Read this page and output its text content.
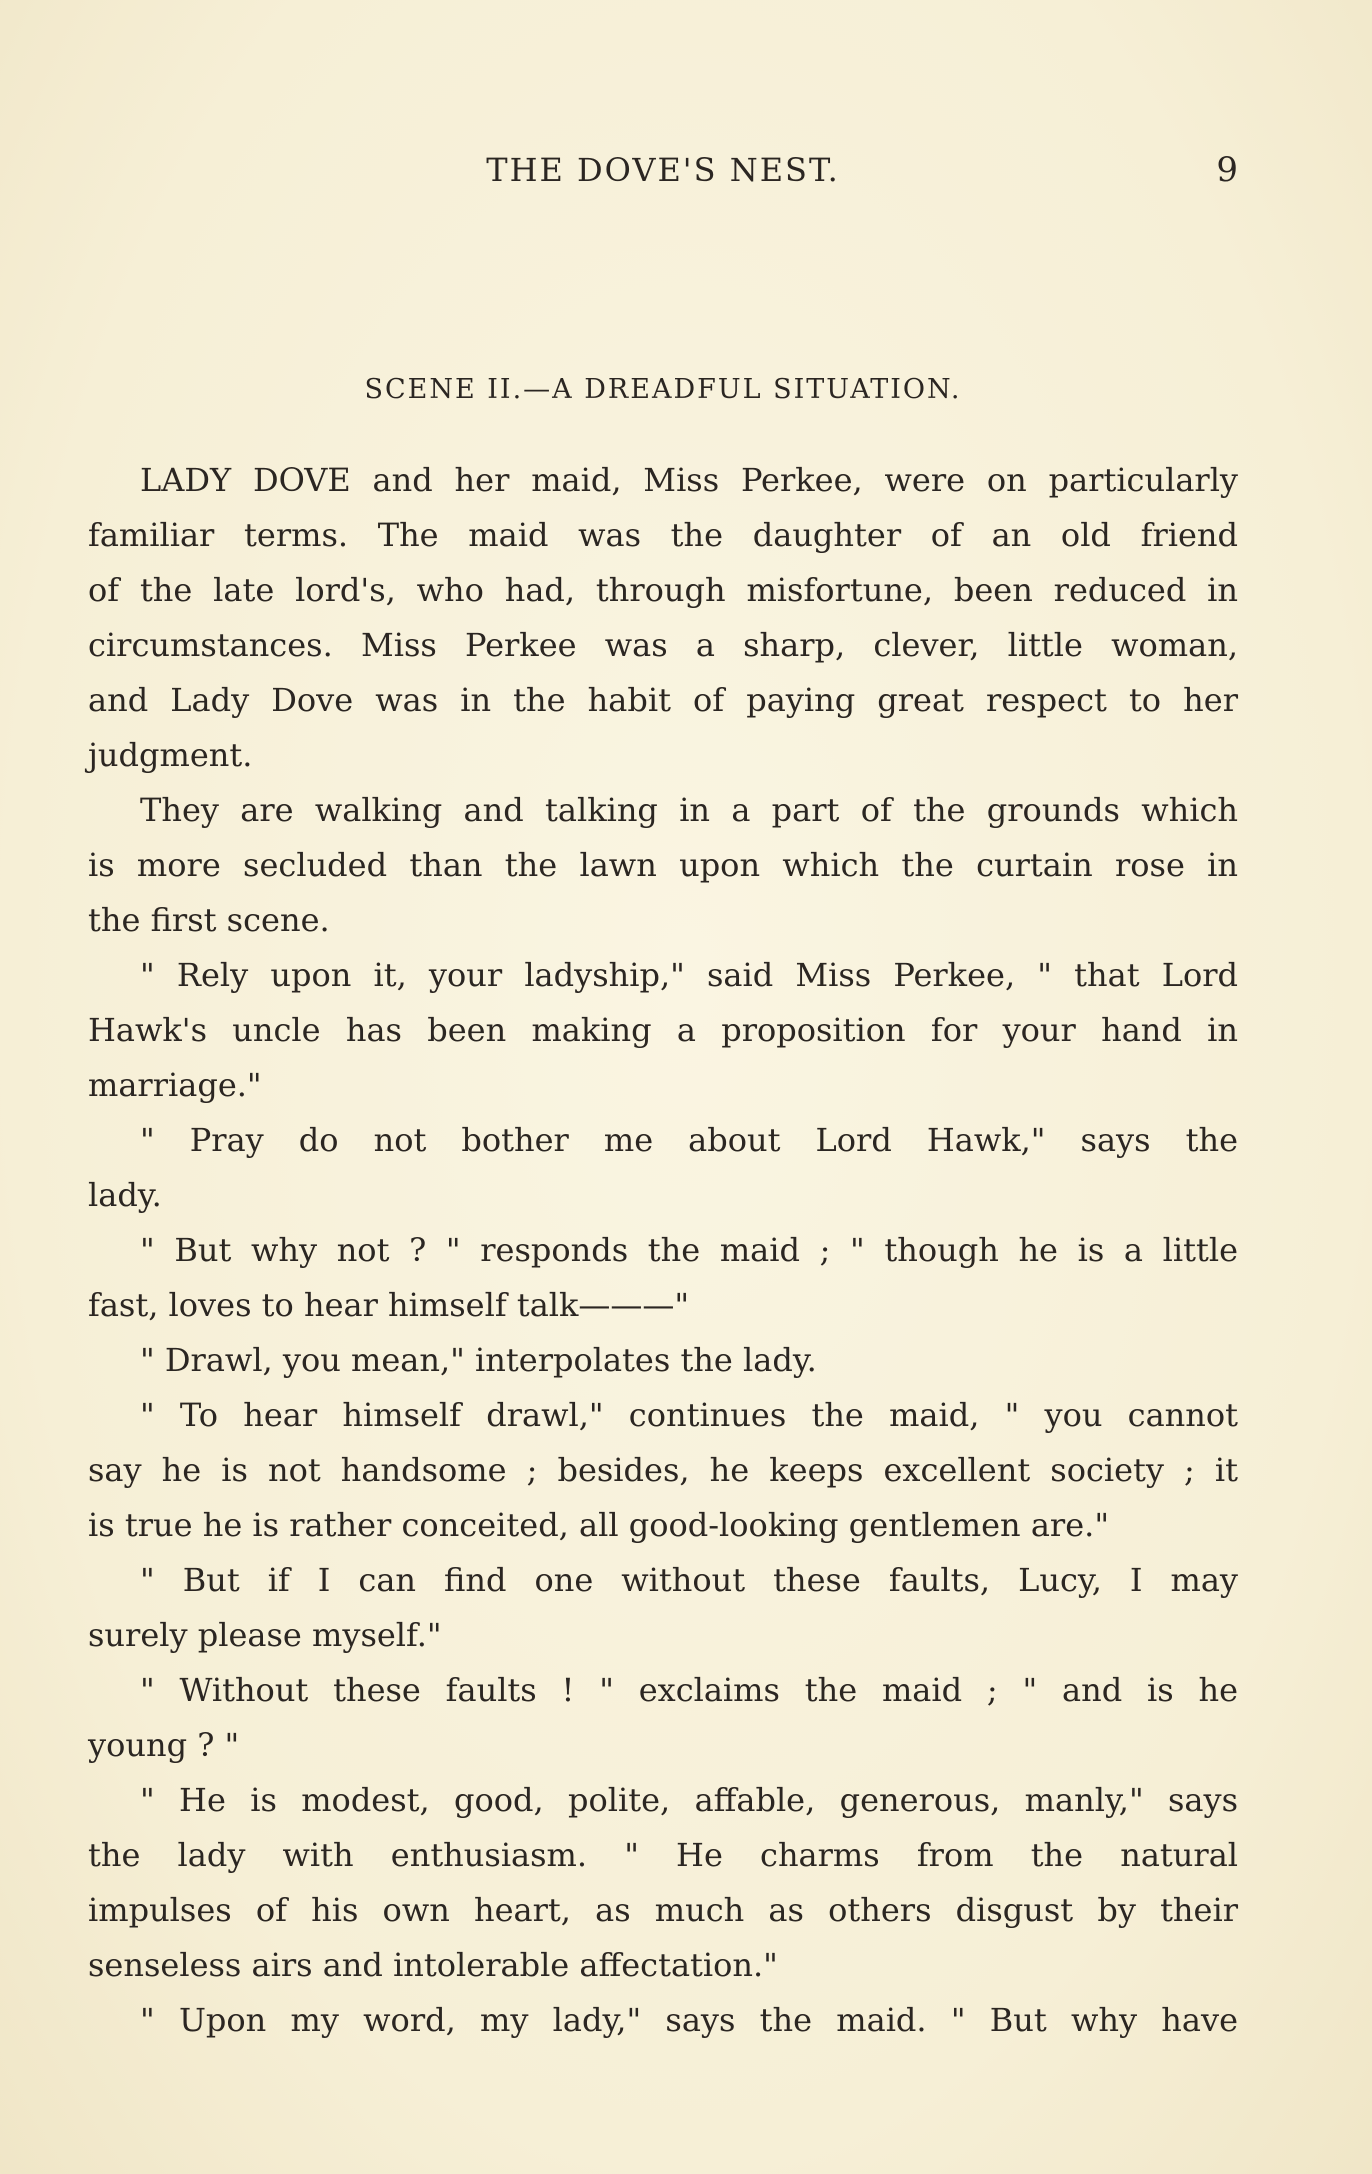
THE DOVE'S NEST.	9
SCENE II.—A DREADFUL SITUATION.
LADY DOVE and her maid, Miss Perkee, were on particularly
familiar terms. The maid was the daughter of an old friend
of the late lord's, who had, through misfortune, been reduced in
circumstances. Miss Perkee was a sharp, clever, little woman,
and Lady Dove was in the habit of paying great respect to her
judgment.
They are walking and talking in a part of the grounds which
is more secluded than the lawn upon which the curtain rose in
the first scene.
" Rely upon it, your ladyship," said Miss Perkee, " that Lord
Hawk's uncle has been making a proposition for your hand in
marriage."
" Pray do not bother me about Lord Hawk," says the
lady.
" But why not ? " responds the maid ; " though he is a little
fast, loves to hear himself talk———"
" Drawl, you mean," interpolates the lady.
" To hear himself drawl," continues the maid, " you cannot
say he is not handsome ; besides, he keeps excellent society ; it
is true he is rather conceited, all good-looking gentlemen are."
" But if I can find one without these faults, Lucy, I may
surely please myself."
" Without these faults ! " exclaims the maid ; " and is he
young ? "
" He is modest, good, polite, affable, generous, manly," says
the lady with enthusiasm. " He charms from the natural
impulses of his own heart, as much as others disgust by their
senseless airs and intolerable affectation."
" Upon my word, my lady," says the maid. " But why have
